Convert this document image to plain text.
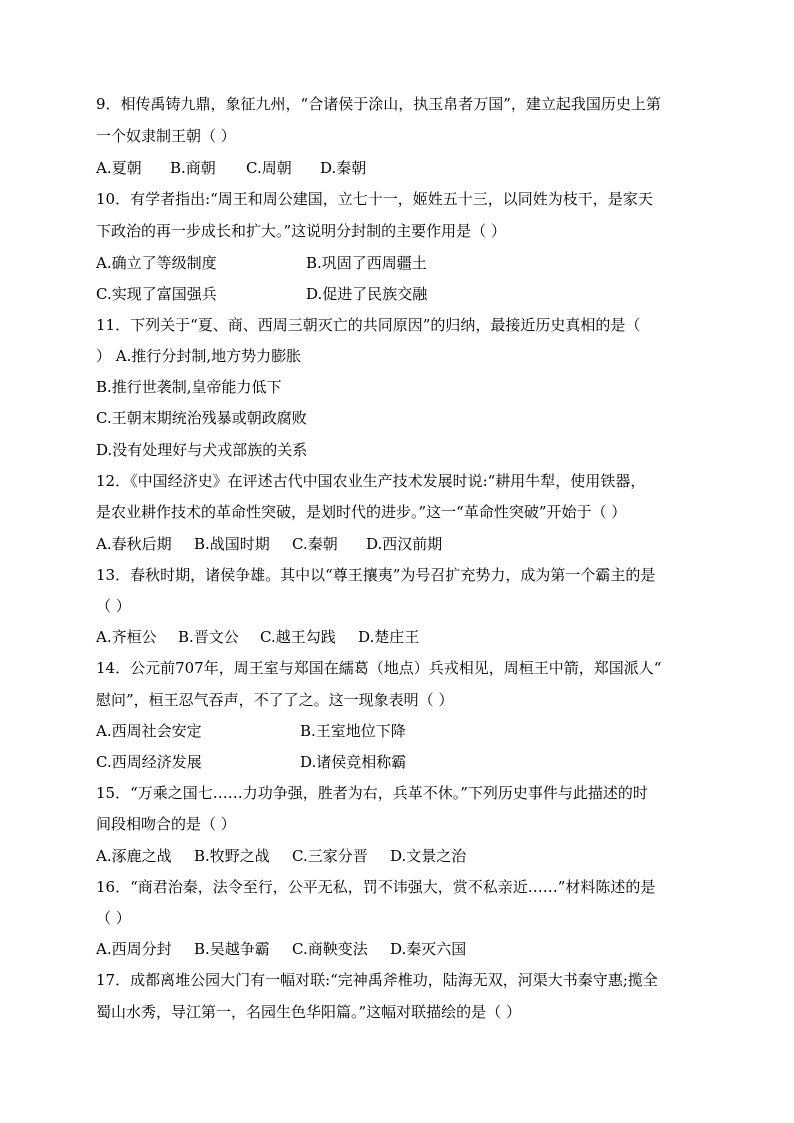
9．相传禹铸九鼎，象征九州，“合诸侯于涂山，执玉帛者万国”，建立起我国历史上第
一个奴隶制王朝（ ）
A.夏朝 B.商朝 C.周朝 D.秦朝
10．有学者指出:“周王和周公建国，立七十一，姬姓五十三，以同姓为枝干，是家天
下政治的再一步成长和扩大。”这说明分封制的主要作用是（ ）
A.确立了等级制度	B.巩固了西周疆土
C.实现了富国强兵	D.促进了民族交融
11．下列关于“夏、商、西周三朝灭亡的共同原因”的归纳，最接近历史真相的是（
） A.推行分封制,地方势力膨胀
B.推行世袭制,皇帝能力低下
C.王朝末期统治残暴或朝政腐败
D.没有处理好与犬戎部族的关系
12．《中国经济史》在评述古代中国农业生产技术发展时说:“耕用牛犁，使用铁器，
是农业耕作技术的革命性突破，是划时代的进步。”这一“革命性突破”开始于（ ）
A.春秋后期 B.战国时期 C.秦朝 D.西汉前期
13．春秋时期，诸侯争雄。其中以“尊王攘夷”为号召扩充势力，成为第一个霸主的是
（ ）
A.齐桓公 B.晋文公 C.越王勾践 D.楚庄王
14．公元前707年，周王室与郑国在繻葛（地点）兵戎相见，周桓王中箭，郑国派人“
慰问”，桓王忍气吞声，不了了之。这一现象表明（ ）
A.西周社会安定	B.王室地位下降
C.西周经济发展	D.诸侯竞相称霸
15．“万乘之国七……力功争强，胜者为右，兵革不休。”下列历史事件与此描述的时
间段相吻合的是（ ）
A.涿鹿之战 B.牧野之战 C.三家分晋 D.文景之治
16．“商君治秦，法令至行，公平无私，罚不讳强大，赏不私亲近……”材料陈述的是
（ ）
A.西周分封 B.吴越争霸 C.商鞅变法 D.秦灭六国
17．成都离堆公园大门有一幅对联:“完神禹斧椎功，陆海无双，河渠大书秦守惠;揽全
蜀山水秀，导江第一，名园生色华阳篇。”这幅对联描绘的是（ ）
